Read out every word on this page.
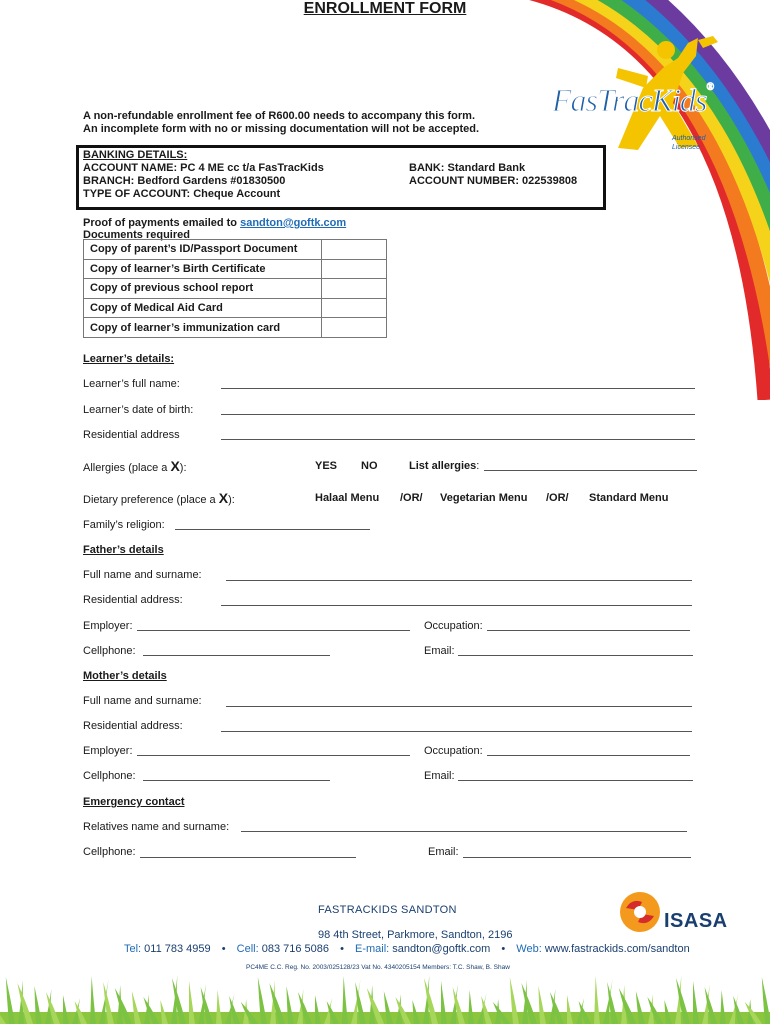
FasTracKids®
Authorised
Licensee
ENROLLMENT FORM
A non-refundable enrollment fee of R600.00 needs to accompany this form.
An incomplete form with no or missing documentation will not be accepted.
BANKING DETAILS:
ACCOUNT NAME: PC 4 ME cc t/a FasTracKids
BRANCH: Bedford Gardens #01830500
TYPE OF ACCOUNT: Cheque Account
BANK: Standard Bank
ACCOUNT NUMBER: 022539808
Proof of payments emailed to sandton@goftk.com
Documents required
Copy of parent’s ID/Passport Document	
Copy of learner’s Birth Certificate	
Copy of previous school report	
Copy of Medical Aid Card	
Copy of learner’s immunization card	
Learner’s details:
Learner’s full name:
Learner’s date of birth:
Residential address
Allergies (place a X):	YES NO	List allergies:
Dietary preference (place a X):	Halaal Menu /OR/ Vegetarian Menu /OR/ Standard Menu
Family’s religion:
Father’s details
Full name and surname:
Residential address:
Employer:	Occupation:
Cellphone:	Email:
Mother’s details
Full name and surname:
Residential address:
Employer:	Occupation:
Cellphone:	Email:
Emergency contact
Relatives name and surname:
Cellphone:	Email:
ISASA
FASTRACKIDS SANDTON
98 4th Street, Parkmore, Sandton, 2196
Tel: 011 783 4959 • Cell: 083 716 5086 • E-mail: sandton@goftk.com • Web: www.fastrackids.com/sandton
PC4ME C.C. Reg. No. 2003/025128/23 Vat No. 4340205154 Members: T.C. Shaw, B. Shaw
